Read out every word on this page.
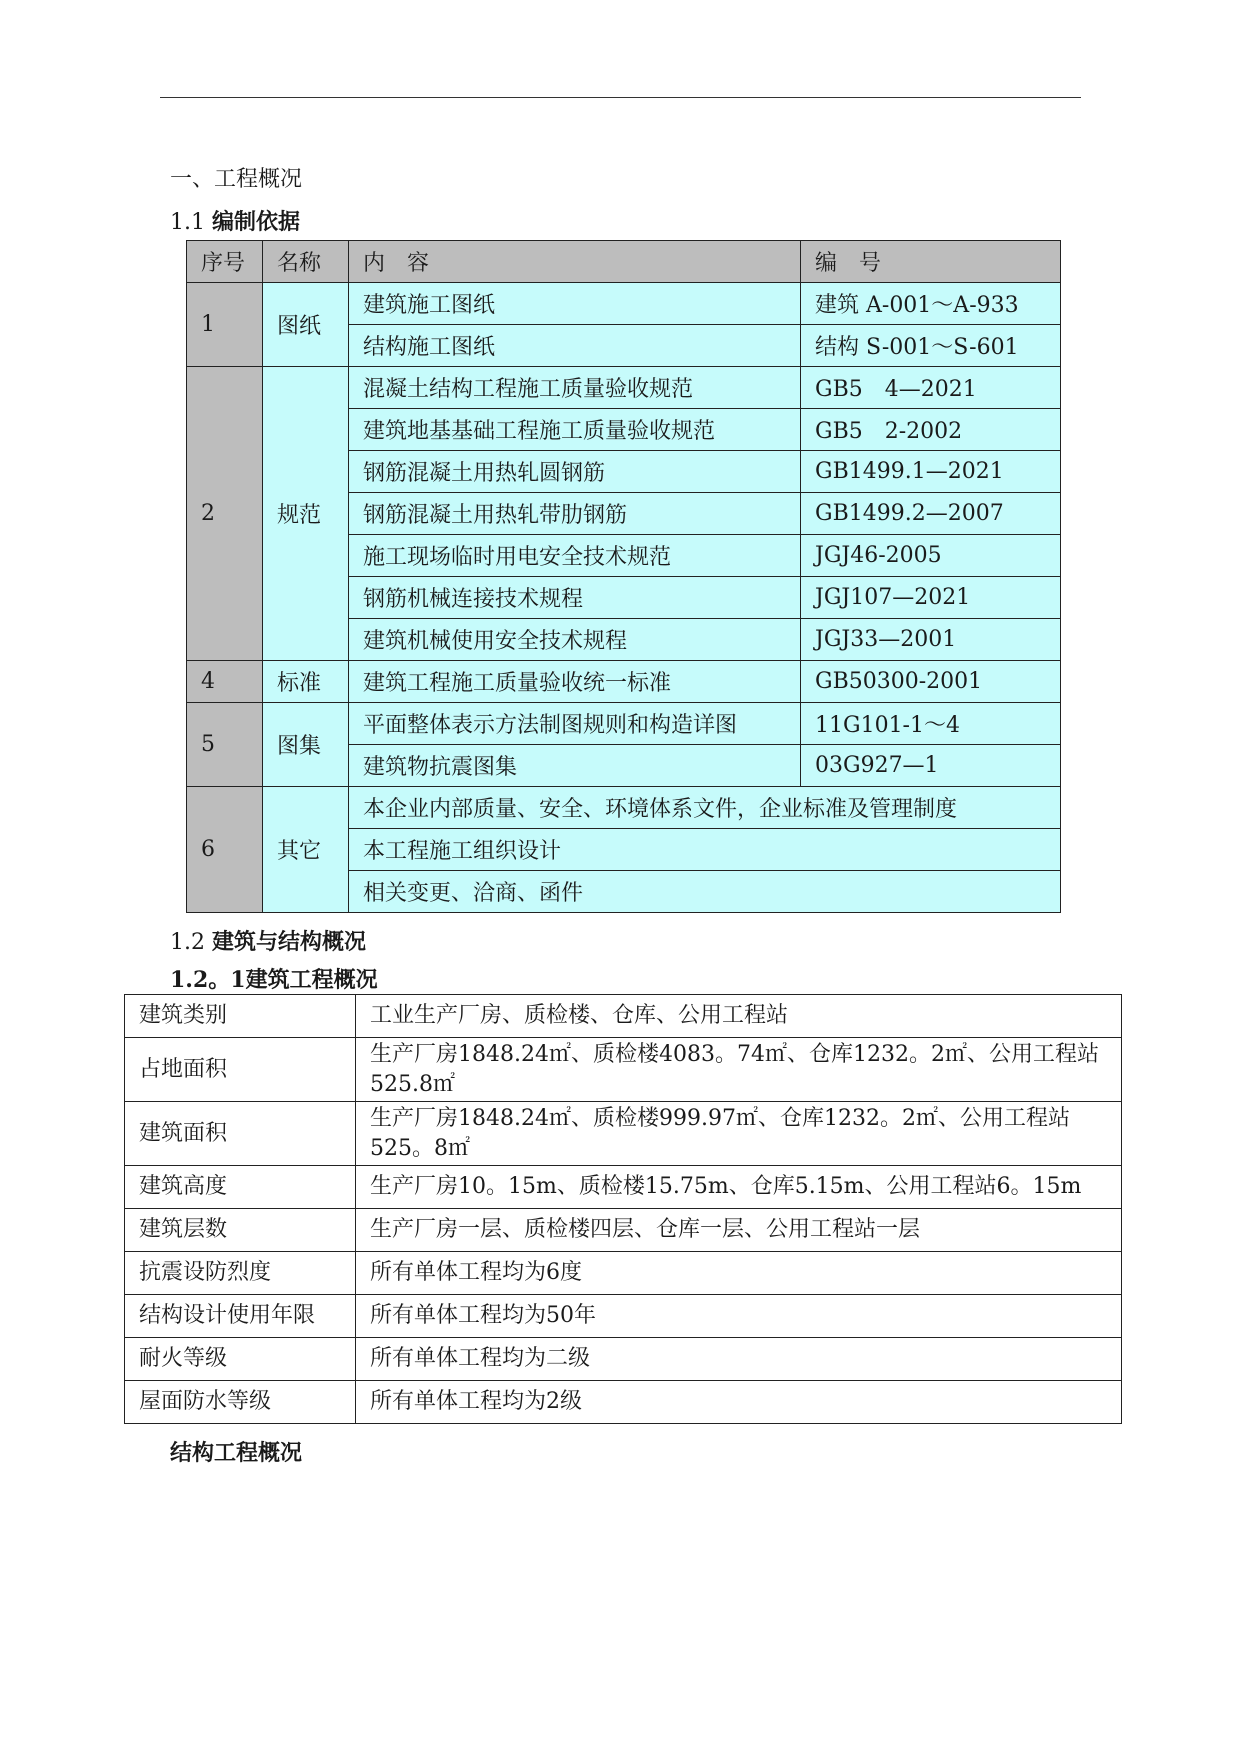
一、工程概况
1.1 编制依据
序号	名称	内　容	编　号
1	图纸	建筑施工图纸	建筑 A-001～A-933
		结构施工图纸	结构 S-001～S-601
2	规范	混凝土结构工程施工质量验收规范	GB5　4—2021
		建筑地基基础工程施工质量验收规范	GB5　2-2002
		钢筋混凝土用热轧圆钢筋	GB1499.1—2021
		钢筋混凝土用热轧带肋钢筋	GB1499.2—2007
		施工现场临时用电安全技术规范	JGJ46-2005
		钢筋机械连接技术规程	JGJ107—2021
		建筑机械使用安全技术规程	JGJ33—2001
4	标准	建筑工程施工质量验收统一标准	GB50300-2001
5	图集	平面整体表示方法制图规则和构造详图	11G101-1～4
		建筑物抗震图集	03G927—1
6	其它	本企业内部质量、安全、环境体系文件，企业标准及管理制度	
		本工程施工组织设计	
		相关变更、洽商、函件	
1.2 建筑与结构概况
1.2。1建筑工程概况
建筑类别	工业生产厂房、质检楼、仓库、公用工程站
占地面积	生产厂房1848.24㎡、质检楼4083。74㎡、仓库1232。2㎡、公用工程站525.8㎡
建筑面积	生产厂房1848.24㎡、质检楼999.97㎡、仓库1232。2㎡、公用工程站525。8㎡
建筑高度	生产厂房10。15m、质检楼15.75m、仓库5.15m、公用工程站6。15m
建筑层数	生产厂房一层、质检楼四层、仓库一层、公用工程站一层
抗震设防烈度	所有单体工程均为6度
结构设计使用年限	所有单体工程均为50年
耐火等级	所有单体工程均为二级
屋面防水等级	所有单体工程均为2级
结构工程概况
